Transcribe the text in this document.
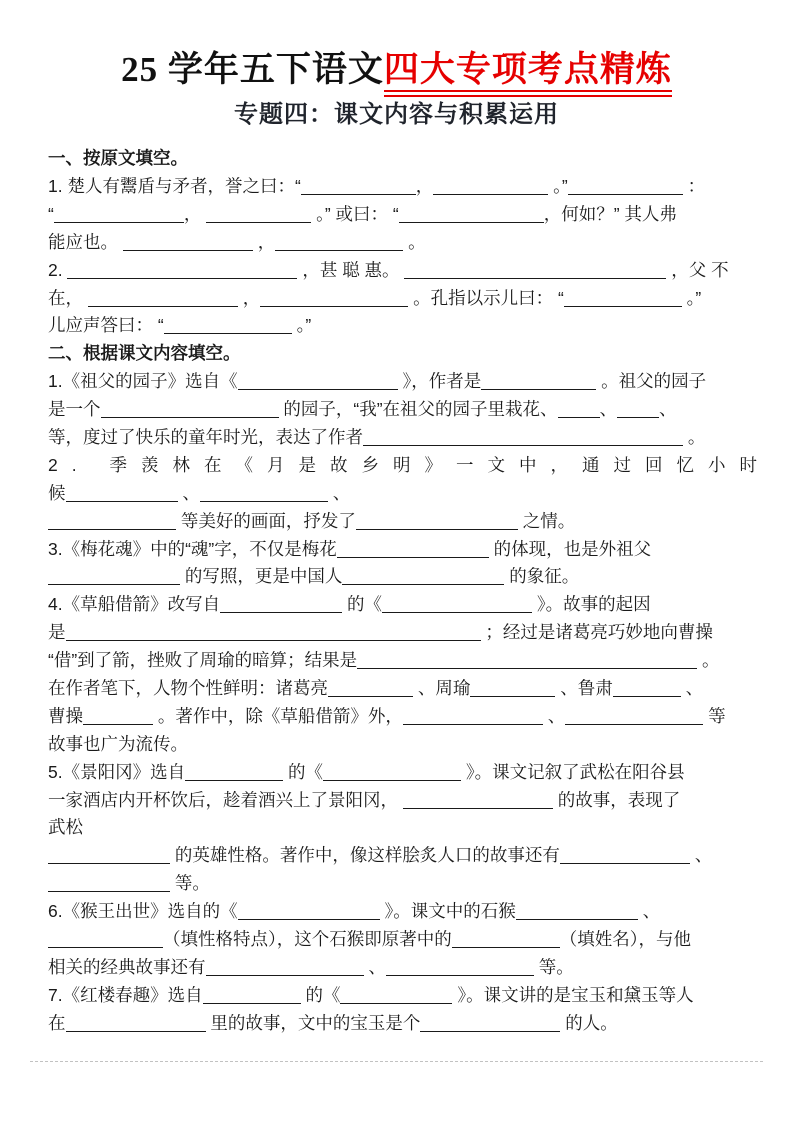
25 学年五下语文四大专项考点精炼
专题四：课文内容与积累运用
一、按原文填空。
1. 楚人有鬻盾与矛者，誉之曰：“	，	。”	：
“	，	。” 或曰： “	，何如？” 其人弗
能应也。	，	。
2.	，甚 聪 惠。	，父 不
在，	，	。孔指以示儿曰： “	。”
儿应声答曰： “	。”
二、根据课文内容填空。
1.《祖父的园子》选自《	》，作者是	。祖父的园子
是一个	的园子，“我”在祖父的园子里栽花、 、 、
等，度过了快乐的童年时光，表达了作者	。
2. 季羡林在《月是故乡明》一文中，通过回忆小时
候	、	、
等美好的画面，抒发了	之情。
3.《梅花魂》中的“魂”字，不仅是梅花	的体现，也是外祖父
的写照，更是中国人	的象征。
4.《草船借箭》改写自	的《	》。故事的起因
是	；经过是诸葛亮巧妙地向曹操
“借”到了箭，挫败了周瑜的暗算；结果是	。
在作者笔下，人物个性鲜明：诸葛亮	、周瑜	、鲁肃	、
曹操	。著作中，除《草船借箭》外，	、	等
故事也广为流传。
5.《景阳冈》选自	的《	》。课文记叙了武松在阳谷县
一家酒店内开杯饮后，趁着酒兴上了景阳冈，	的故事，表现了
武松
的英雄性格。著作中，像这样脍炙人口的故事还有	、
等。
6.《猴王出世》选自的《	》。课文中的石猴	、
（填性格特点），这个石猴即原著中的	（填姓名），与他
相关的经典故事还有	、	等。
7.《红楼春趣》选自	的《	》。课文讲的是宝玉和黛玉等人
在	里的故事，文中的宝玉是个	的人。
